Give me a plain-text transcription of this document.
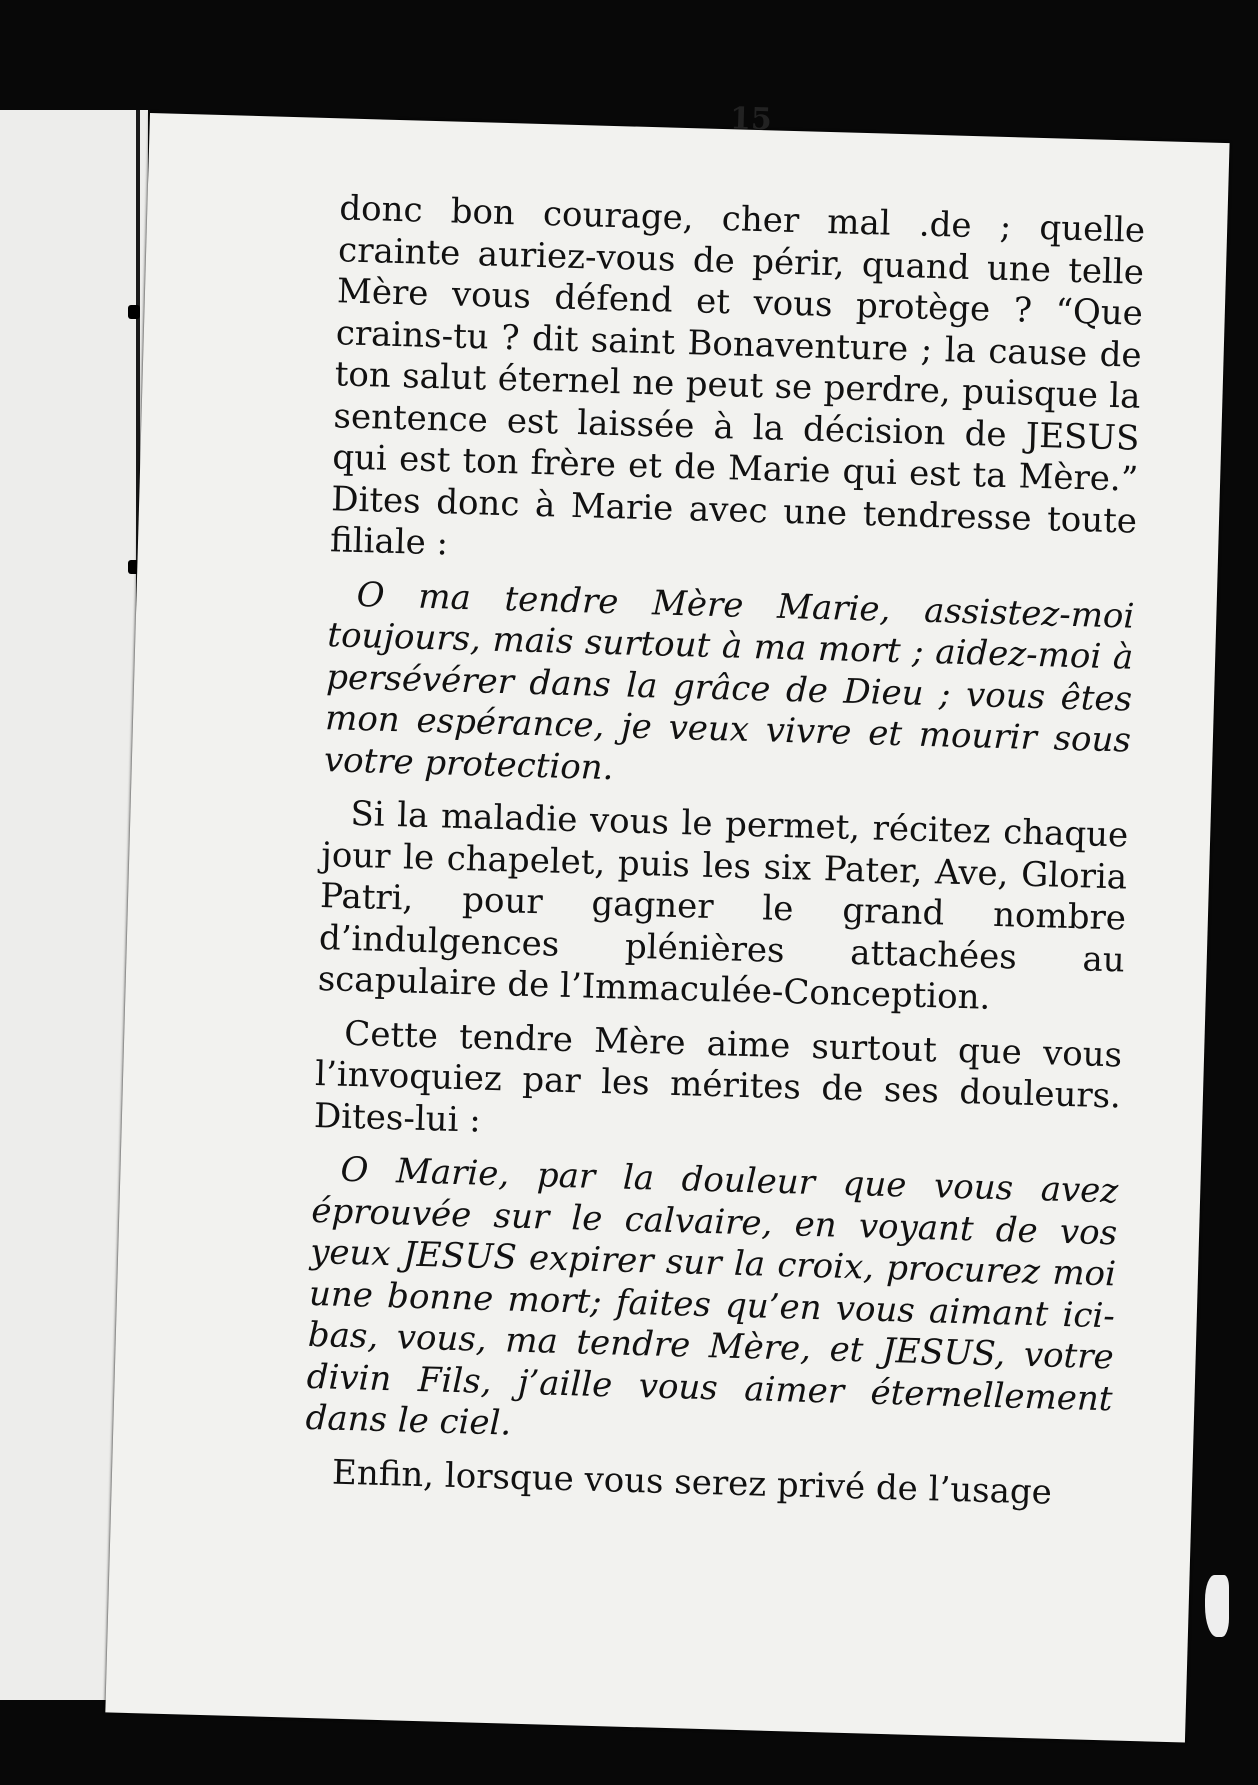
15

donc bon courage, cher mal .de ; quelle crainte auriez-vous de périr, quand une telle Mère vous défend et vous protège ? “Que crains-tu ? dit saint Bonaventure ; la cause de ton salut éternel ne peut se perdre, puisque la sentence est laissée à la décision de JESUS qui est ton frère et de Marie qui est ta Mère.” Dites donc à Marie avec une tendresse toute filiale :

O ma tendre Mère Marie, assistez-moi toujours, mais surtout à ma mort ; aidez-moi à persévérer dans la grâce de Dieu ; vous êtes mon espérance, je veux vivre et mourir sous votre protection.

Si la maladie vous le permet, récitez chaque jour le chapelet, puis les six Pater, Ave, Gloria Patri, pour gagner le grand nombre d’indulgences plénières attachées au scapulaire de l’Immaculée-Conception.

Cette tendre Mère aime surtout que vous l’invoquiez par les mérites de ses douleurs. Dites-lui :

O Marie, par la douleur que vous avez éprouvée sur le calvaire, en voyant de vos yeux JESUS expirer sur la croix, procurez moi une bonne mort; faites qu’en vous aimant ici-bas, vous, ma tendre Mère, et JESUS, votre divin Fils, j’aille vous aimer éternellement dans le ciel.

Enfin, lorsque vous serez privé de l’usage
